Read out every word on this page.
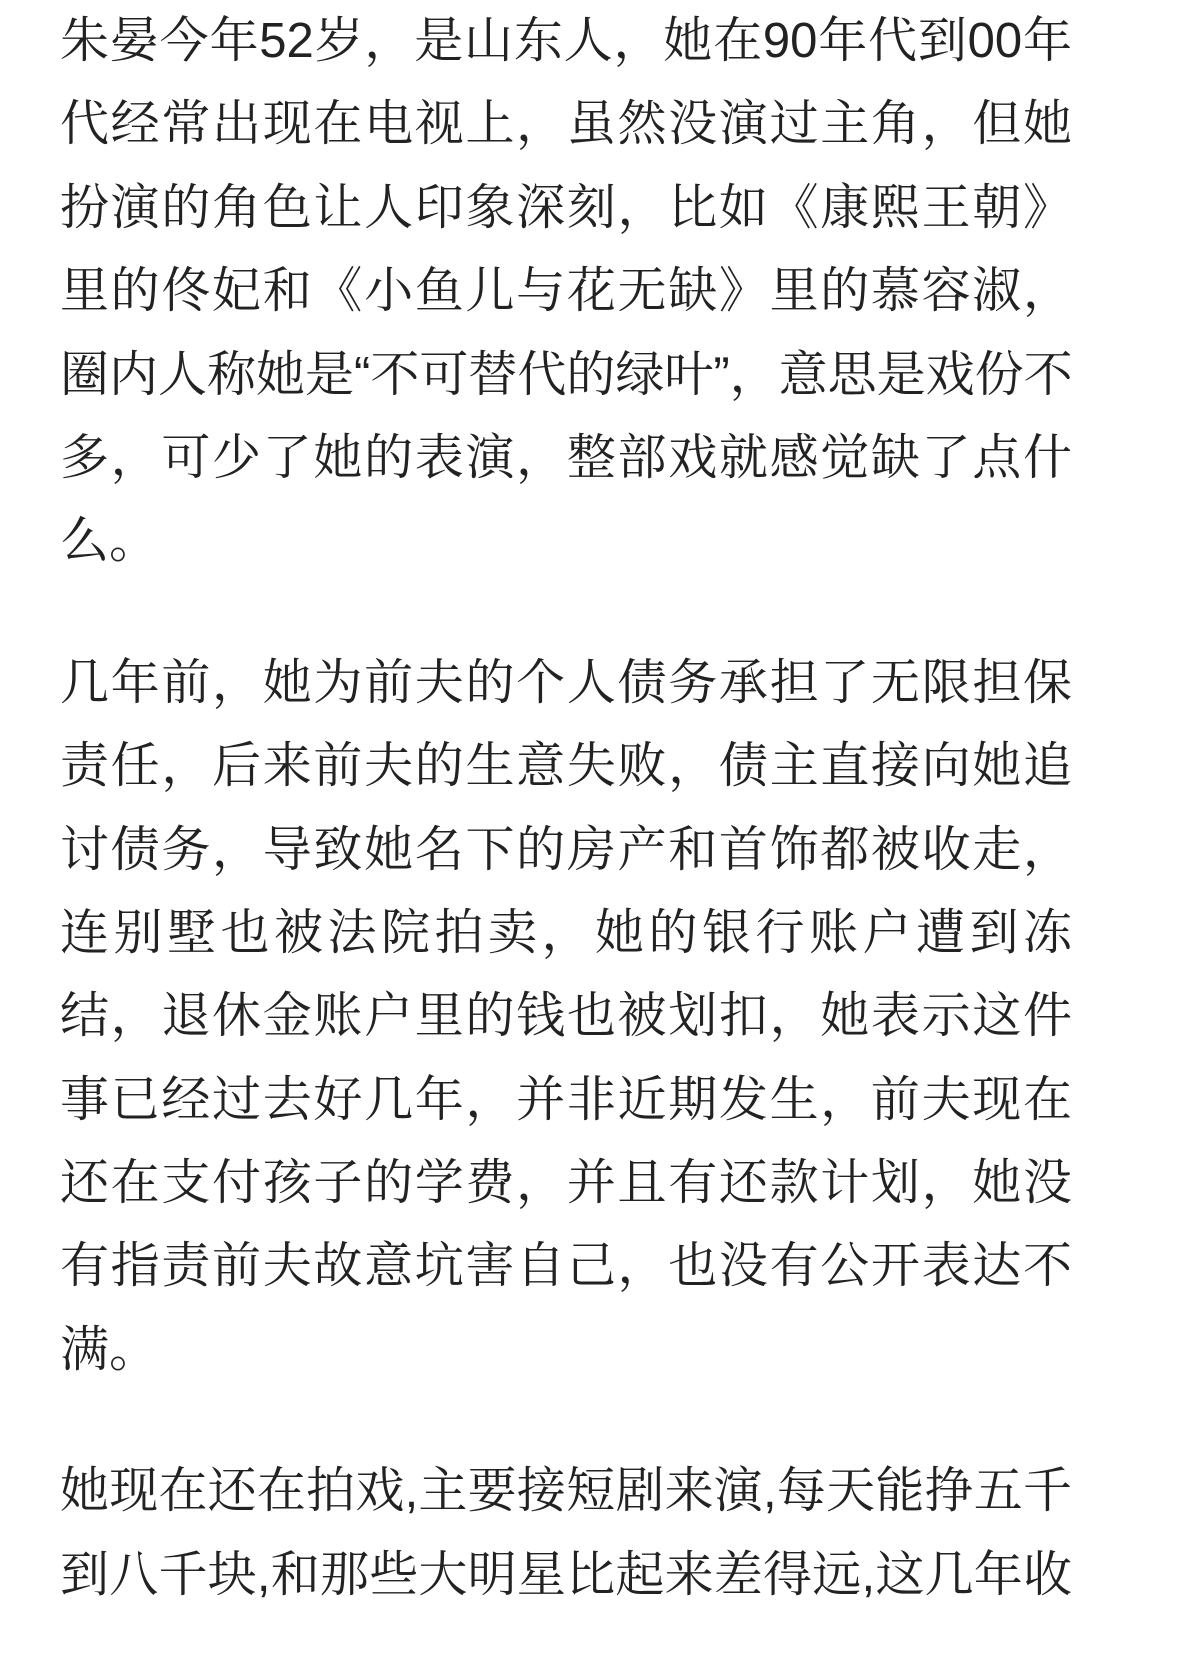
朱晏今年52岁，是山东人，她在90年代到00年
代经常出现在电视上，虽然没演过主角，但她
扮演的角色让人印象深刻，比如《康熙王朝》
里的佟妃和《小鱼儿与花无缺》里的慕容淑，
圈内人称她是“不可替代的绿叶”，意思是戏份不
多，可少了她的表演，整部戏就感觉缺了点什
么。
几年前，她为前夫的个人债务承担了无限担保
责任，后来前夫的生意失败，债主直接向她追
讨债务，导致她名下的房产和首饰都被收走，
连别墅也被法院拍卖，她的银行账户遭到冻
结，退休金账户里的钱也被划扣，她表示这件
事已经过去好几年，并非近期发生，前夫现在
还在支付孩子的学费，并且有还款计划，她没
有指责前夫故意坑害自己，也没有公开表达不
满。
她现在还在拍戏,主要接短剧来演,每天能挣五千
到八千块,和那些大明星比起来差得远,这几年收
